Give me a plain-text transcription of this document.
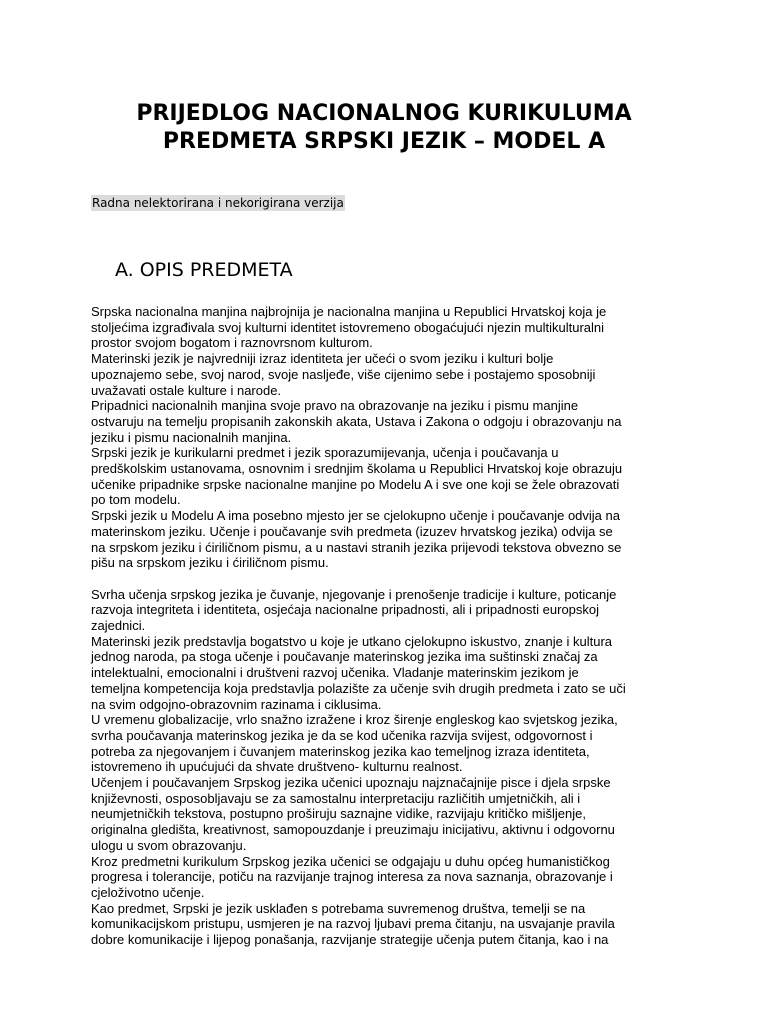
PRIJEDLOG NACIONALNOG KURIKULUMA
PREDMETA SRPSKI JEZIK – MODEL A
Radna nelektorirana i nekorigirana verzija
A. OPIS PREDMETA
Srpska nacionalna manjina najbrojnija je nacionalna manjina u Republici Hrvatskoj koja je
stoljećima izgrađivala svoj kulturni identitet istovremeno obogaćujući njezin multikulturalni
prostor svojom bogatom i raznovrsnom kulturom.
Materinski jezik je najvredniji izraz identiteta jer učeći o svom jeziku i kulturi bolje
upoznajemo sebe, svoj narod, svoje nasljeđe, više cijenimo sebe i postajemo sposobniji
uvažavati ostale kulture i narode.
Pripadnici nacionalnih manjina svoje pravo na obrazovanje na jeziku i pismu manjine
ostvaruju na temelju propisanih zakonskih akata, Ustava i Zakona o odgoju i obrazovanju na
jeziku i pismu nacionalnih manjina.
Srpski jezik je kurikularni predmet i jezik sporazumijevanja, učenja i poučavanja u
predškolskim ustanovama, osnovnim i srednjim školama u Republici Hrvatskoj koje obrazuju
učenike pripadnike srpske nacionalne manjine po Modelu A i sve one koji se žele obrazovati
po tom modelu.
Srpski jezik u Modelu A ima posebno mjesto jer se cjelokupno učenje i poučavanje odvija na
materinskom jeziku. Učenje i poučavanje svih predmeta (izuzev hrvatskog jezika) odvija se
na srpskom jeziku i ćiriličnom pismu, a u nastavi stranih jezika prijevodi tekstova obvezno se
pišu na srpskom jeziku i ćiriličnom pismu.
Svrha učenja srpskog jezika je čuvanje, njegovanje i prenošenje tradicije i kulture, poticanje
razvoja integriteta i identiteta, osjećaja nacionalne pripadnosti, ali i pripadnosti europskoj
zajednici.
Materinski jezik predstavlja bogatstvo u koje je utkano cjelokupno iskustvo, znanje i kultura
jednog naroda, pa stoga učenje i poučavanje materinskog jezika ima suštinski značaj za
intelektualni, emocionalni i društveni razvoj učenika. Vladanje materinskim jezikom je
temeljna kompetencija koja predstavlja polazište za učenje svih drugih predmeta i zato se uči
na svim odgojno-obrazovnim razinama i ciklusima.
U vremenu globalizacije, vrlo snažno izražene i kroz širenje engleskog kao svjetskog jezika,
svrha poučavanja materinskog jezika je da se kod učenika razvija svijest, odgovornost i
potreba za njegovanjem i čuvanjem materinskog jezika kao temeljnog izraza identiteta,
istovremeno ih upućujući da shvate društveno- kulturnu realnost.
Učenjem i poučavanjem Srpskog jezika učenici upoznaju najznačajnije pisce i djela srpske
književnosti, osposobljavaju se za samostalnu interpretaciju različitih umjetničkih, ali i
neumjetničkih tekstova, postupno proširuju saznajne vidike, razvijaju kritičko mišljenje,
originalna gledišta, kreativnost, samopouzdanje i preuzimaju inicijativu, aktivnu i odgovornu
ulogu u svom obrazovanju.
Kroz predmetni kurikulum Srpskog jezika učenici se odgajaju u duhu općeg humanističkog
progresa i tolerancije, potiču na razvijanje trajnog interesa za nova saznanja, obrazovanje i
cjeloživotno učenje.
Kao predmet, Srpski je jezik usklađen s potrebama suvremenog društva, temelji se na
komunikacijskom pristupu, usmjeren je na razvoj ljubavi prema čitanju, na usvajanje pravila
dobre komunikacije i lijepog ponašanja, razvijanje strategije učenja putem čitanja, kao i na
